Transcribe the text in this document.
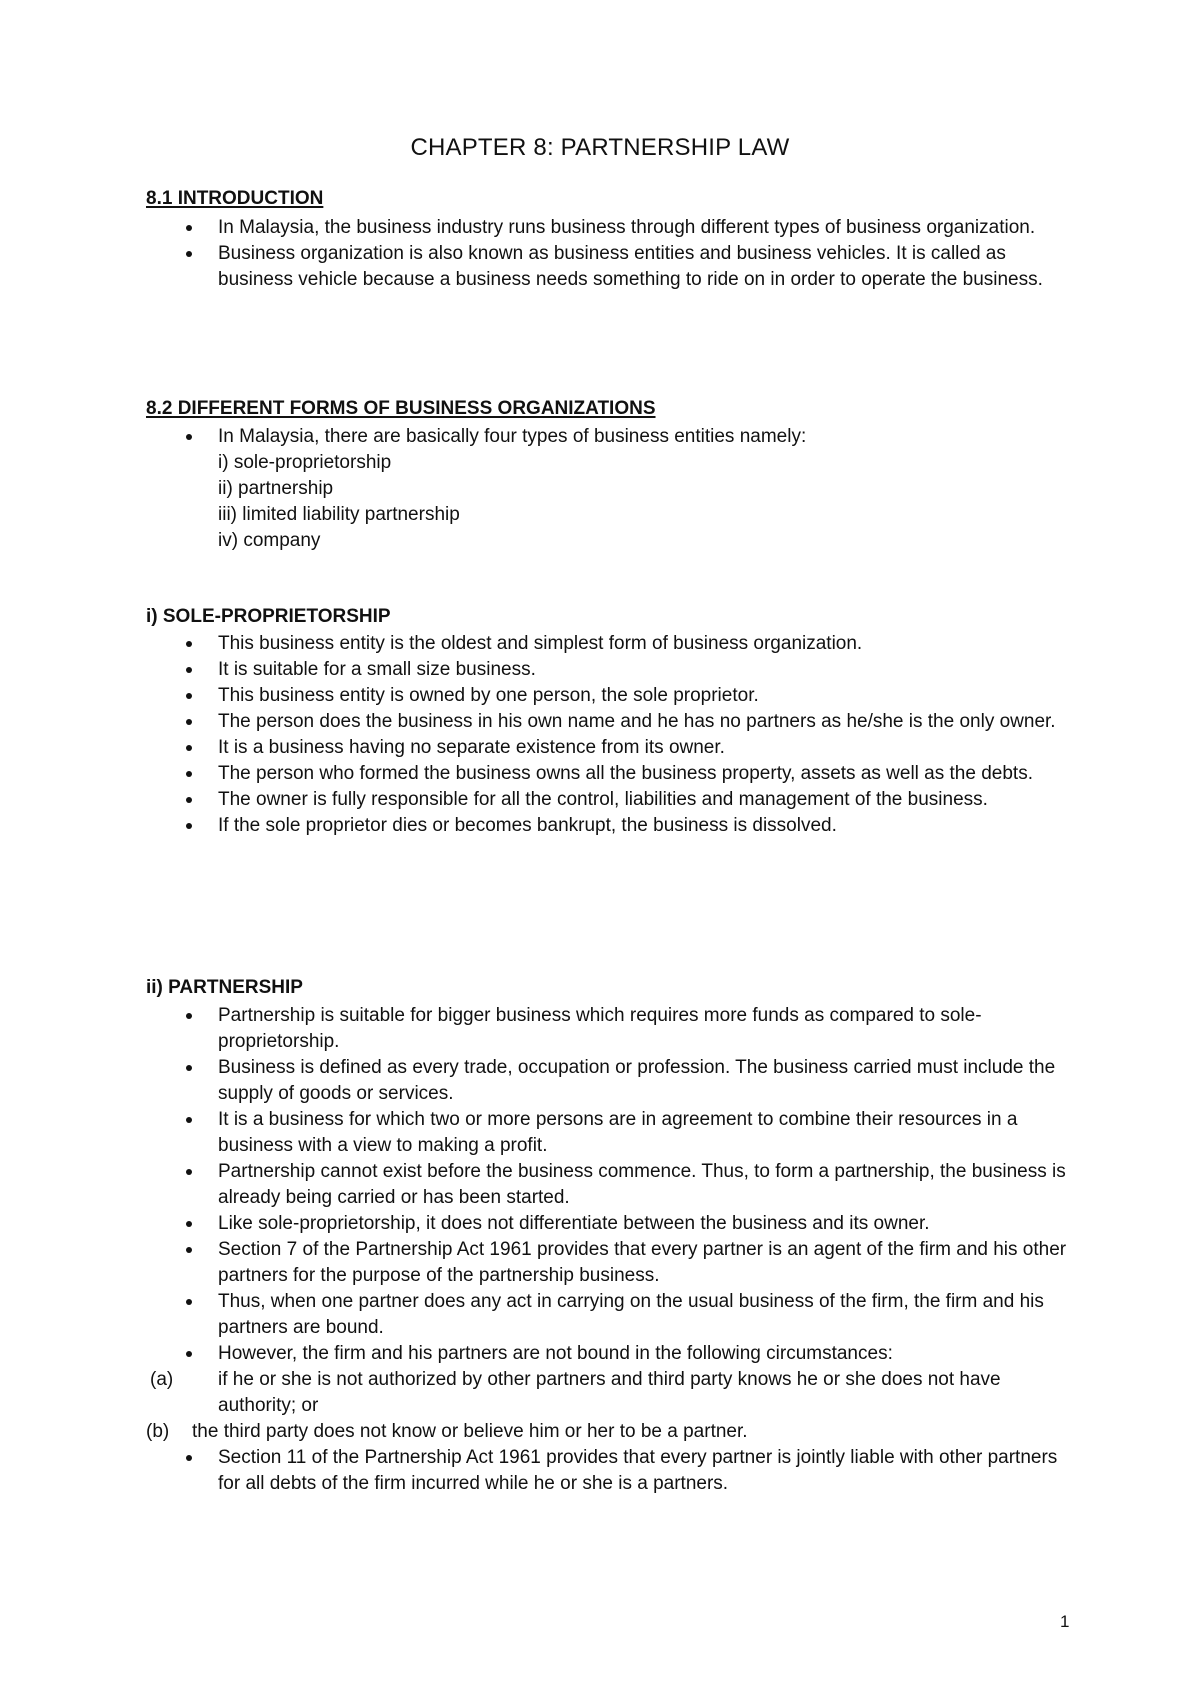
CHAPTER 8: PARTNERSHIP LAW
8.1 INTRODUCTION
In Malaysia, the business industry runs business through different types of business organization.
Business organization is also known as business entities and business vehicles. It is called as business vehicle because a business needs something to ride on in order to operate the business.
8.2 DIFFERENT FORMS OF BUSINESS ORGANIZATIONS
In Malaysia, there are basically four types of business entities namely:
i) sole-proprietorship
ii) partnership
iii) limited liability partnership
iv) company
i) SOLE-PROPRIETORSHIP
This business entity is the oldest and simplest form of business organization.
It is suitable for a small size business.
This business entity is owned by one person, the sole proprietor.
The person does the business in his own name and he has no partners as he/she is the only owner.
It is a business having no separate existence from its owner.
The person who formed the business owns all the business property, assets as well as the debts.
The owner is fully responsible for all the control, liabilities and management of the business.
If the sole proprietor dies or becomes bankrupt, the business is dissolved.
ii) PARTNERSHIP
Partnership is suitable for bigger business which requires more funds as compared to sole-proprietorship.
Business is defined as every trade, occupation or profession. The business carried must include the supply of goods or services.
It is a business for which two or more persons are in agreement to combine their resources in a business with a view to making a profit.
Partnership cannot exist before the business commence. Thus, to form a partnership, the business is already being carried or has been started.
Like sole-proprietorship, it does not differentiate between the business and its owner.
Section 7 of the Partnership Act 1961 provides that every partner is an agent of the firm and his other partners for the purpose of the partnership business.
Thus, when one partner does any act in carrying on the usual business of the firm, the firm and his partners are bound.
However, the firm and his partners are not bound in the following circumstances:
(a) if he or she is not authorized by other partners and third party knows he or she does not have authority; or
(b) the third party does not know or believe him or her to be a partner.
Section 11 of the Partnership Act 1961 provides that every partner is jointly liable with other partners for all debts of the firm incurred while he or she is a partners.
1
